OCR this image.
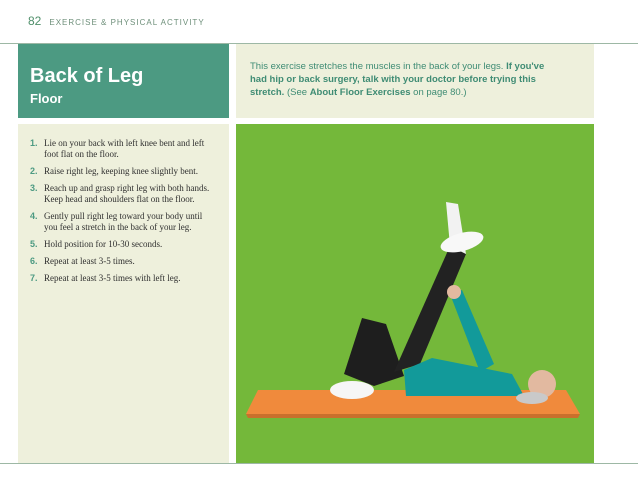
82 EXERCISE & PHYSICAL ACTIVITY
Back of Leg
Floor

This exercise stretches the muscles in the back of your legs. If you've had hip or back surgery, talk with your doctor before trying this stretch. (See About Floor Exercises on page 80.)

1. Lie on your back with left knee bent and left foot flat on the floor.
2. Raise right leg, keeping knee slightly bent.
3. Reach up and grasp right leg with both hands. Keep head and shoulders flat on the floor.
4. Gently pull right leg toward your body until you feel a stretch in the back of your leg.
5. Hold position for 10-30 seconds.
6. Repeat at least 3-5 times.
7. Repeat at least 3-5 times with left leg.
